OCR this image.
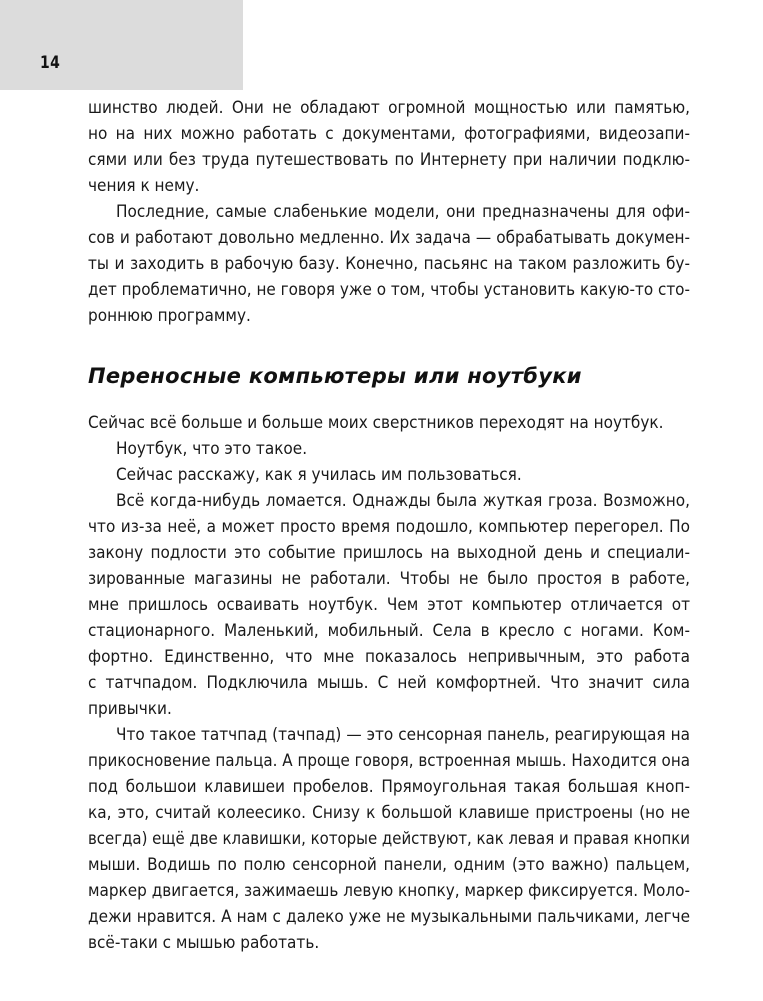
14
шинство людей. Они не обладают огромной мощностью или памятью,
но на них можно работать с документами, фотографиями, видеозапи-
сями или без труда путешествовать по Интернету при наличии подклю-
чения к нему.
Последние, самые слабенькие модели, они предназначены для офи-
сов и работают довольно медленно. Их задача — обрабатывать докумен-
ты и заходить в рабочую базу. Конечно, пасьянс на таком разложить бу-
дет проблематично, не говоря уже о том, чтобы установить какую-то сто-
роннюю программу.
Переносные компьютеры или ноутбуки
Сейчас всё больше и больше моих сверстников переходят на ноутбук.
Ноутбук, что это такое.
Сейчас расскажу, как я училась им пользоваться.
Всё когда-нибудь ломается. Однажды была жуткая гроза. Возможно,
что из-за неё, а может просто время подошло, компьютер перегорел. По
закону подлости это событие пришлось на выходной день и специали-
зированные магазины не работали. Чтобы не было простоя в работе,
мне пришлось осваивать ноутбук. Чем этот компьютер отличается от
стационарного. Маленький, мобильный. Села в кресло с ногами. Ком-
фортно. Единственно, что мне показалось непривычным, это работа
с татчпадом. Подключила мышь. С ней комфортней. Что значит сила
привычки.
Что такое татчпад (тачпад) — это сенсорная панель, реагирующая на
прикосновение пальца. А проще говоря, встроенная мышь. Находится она
под большои клавишеи пробелов. Прямоугольная такая большая кноп-
ка, это, считай колеесико. Снизу к большой клавише пристроены (но не
всегда) ещё две клавишки, которые действуют, как левая и правая кнопки
мыши. Водишь по полю сенсорной панели, одним (это важно) пальцем,
маркер двигается, зажимаешь левую кнопку, маркер фиксируется. Моло-
дежи нравится. А нам с далеко уже не музыкальными пальчиками, легче
всё-таки с мышью работать.
